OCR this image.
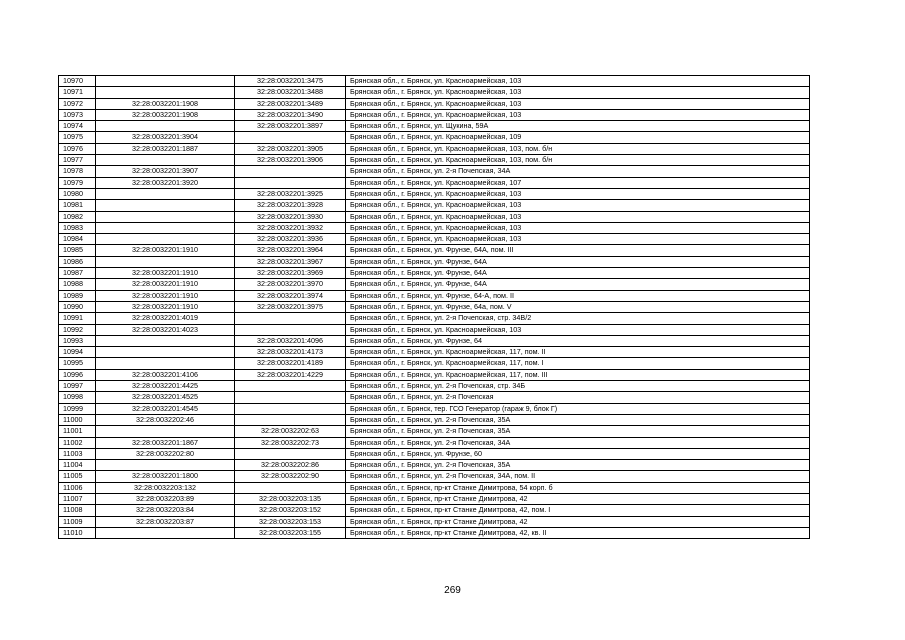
10970		32:28:0032201:3475	Брянская обл., г. Брянск, ул. Красноармейская, 103
10971		32:28:0032201:3488	Брянская обл., г. Брянск, ул. Красноармейская, 103
10972	32:28:0032201:1908	32:28:0032201:3489	Брянская обл., г. Брянск, ул. Красноармейская, 103
10973	32:28:0032201:1908	32:28:0032201:3490	Брянская обл., г. Брянск, ул. Красноармейская, 103
10974		32:28:0032201:3897	Брянская обл., г. Брянск, ул. Щукина, 59А
10975	32:28:0032201:3904		Брянская обл., г. Брянск, ул. Красноармейская, 109
10976	32:28:0032201:1887	32:28:0032201:3905	Брянская обл., г. Брянск, ул. Красноармейская, 103, пом. б/н
10977		32:28:0032201:3906	Брянская обл., г. Брянск, ул. Красноармейская, 103, пом. б/н
10978	32:28:0032201:3907		Брянская обл., г. Брянск, ул. 2-я Почепская, 34А
10979	32:28:0032201:3920		Брянская обл., г. Брянск, ул. Красноармейская, 107
10980		32:28:0032201:3925	Брянская обл., г. Брянск, ул. Красноармейская, 103
10981		32:28:0032201:3928	Брянская обл., г. Брянск, ул. Красноармейская, 103
10982		32:28:0032201:3930	Брянская обл., г. Брянск, ул. Красноармейская, 103
10983		32:28:0032201:3932	Брянская обл., г. Брянск, ул. Красноармейская, 103
10984		32:28:0032201:3936	Брянская обл., г. Брянск, ул. Красноармейская, 103
10985	32:28:0032201:1910	32:28:0032201:3964	Брянская обл., г. Брянск, ул. Фрунзе, 64А, пом. III
10986		32:28:0032201:3967	Брянская обл., г. Брянск, ул. Фрунзе, 64А
10987	32:28:0032201:1910	32:28:0032201:3969	Брянская обл., г. Брянск, ул. Фрунзе, 64А
10988	32:28:0032201:1910	32:28:0032201:3970	Брянская обл., г. Брянск, ул. Фрунзе, 64А
10989	32:28:0032201:1910	32:28:0032201:3974	Брянская обл., г. Брянск, ул. Фрунзе, 64-А, пом. II
10990	32:28:0032201:1910	32:28:0032201:3975	Брянская обл., г. Брянск, ул. Фрунзе, 64а, пом. V
10991	32:28:0032201:4019		Брянская обл., г. Брянск, ул. 2-я Почепская, стр. 34В/2
10992	32:28:0032201:4023		Брянская обл., г. Брянск, ул. Красноармейская, 103
10993		32:28:0032201:4096	Брянская обл., г. Брянск, ул. Фрунзе, 64
10994		32:28:0032201:4173	Брянская обл., г. Брянск, ул. Красноармейская, 117, пом. II
10995		32:28:0032201:4189	Брянская обл., г. Брянск, ул. Красноармейская, 117, пом. I
10996	32:28:0032201:4106	32:28:0032201:4229	Брянская обл., г. Брянск, ул. Красноармейская, 117, пом. III
10997	32:28:0032201:4425		Брянская обл., г. Брянск, ул. 2-я Почепская, стр. 34Б
10998	32:28:0032201:4525		Брянская обл., г. Брянск, ул. 2-я Почепская
10999	32:28:0032201:4545		Брянская обл., г. Брянск, тер. ГСО Генератор (гараж 9, блок Г)
11000	32:28:0032202:46		Брянская обл., г. Брянск, ул. 2-я Почепская, 35А
11001		32:28:0032202:63	Брянская обл., г. Брянск, ул. 2-я Почепская, 35А
11002	32:28:0032201:1867	32:28:0032202:73	Брянская обл., г. Брянск, ул. 2-я Почепская, 34А
11003	32:28:0032202:80		Брянская обл., г. Брянск, ул. Фрунзе, 60
11004		32:28:0032202:86	Брянская обл., г. Брянск, ул. 2-я Почепская, 35А
11005	32:28:0032201:1800	32:28:0032202:90	Брянская обл., г. Брянск, ул. 2-я Почепская, 34А, пом. II
11006	32:28:0032203:132		Брянская обл., г. Брянск, пр-кт Станке Димитрова, 54 корп. б
11007	32:28:0032203:89	32:28:0032203:135	Брянская обл., г. Брянск, пр-кт Станке Димитрова, 42
11008	32:28:0032203:84	32:28:0032203:152	Брянская обл., г. Брянск, пр-кт Станке Димитрова, 42, пом. I
11009	32:28:0032203:87	32:28:0032203:153	Брянская обл., г. Брянск, пр-кт Станке Димитрова, 42
11010		32:28:0032203:155	Брянская обл., г. Брянск, пр-кт Станке Димитрова, 42, кв. II
269
